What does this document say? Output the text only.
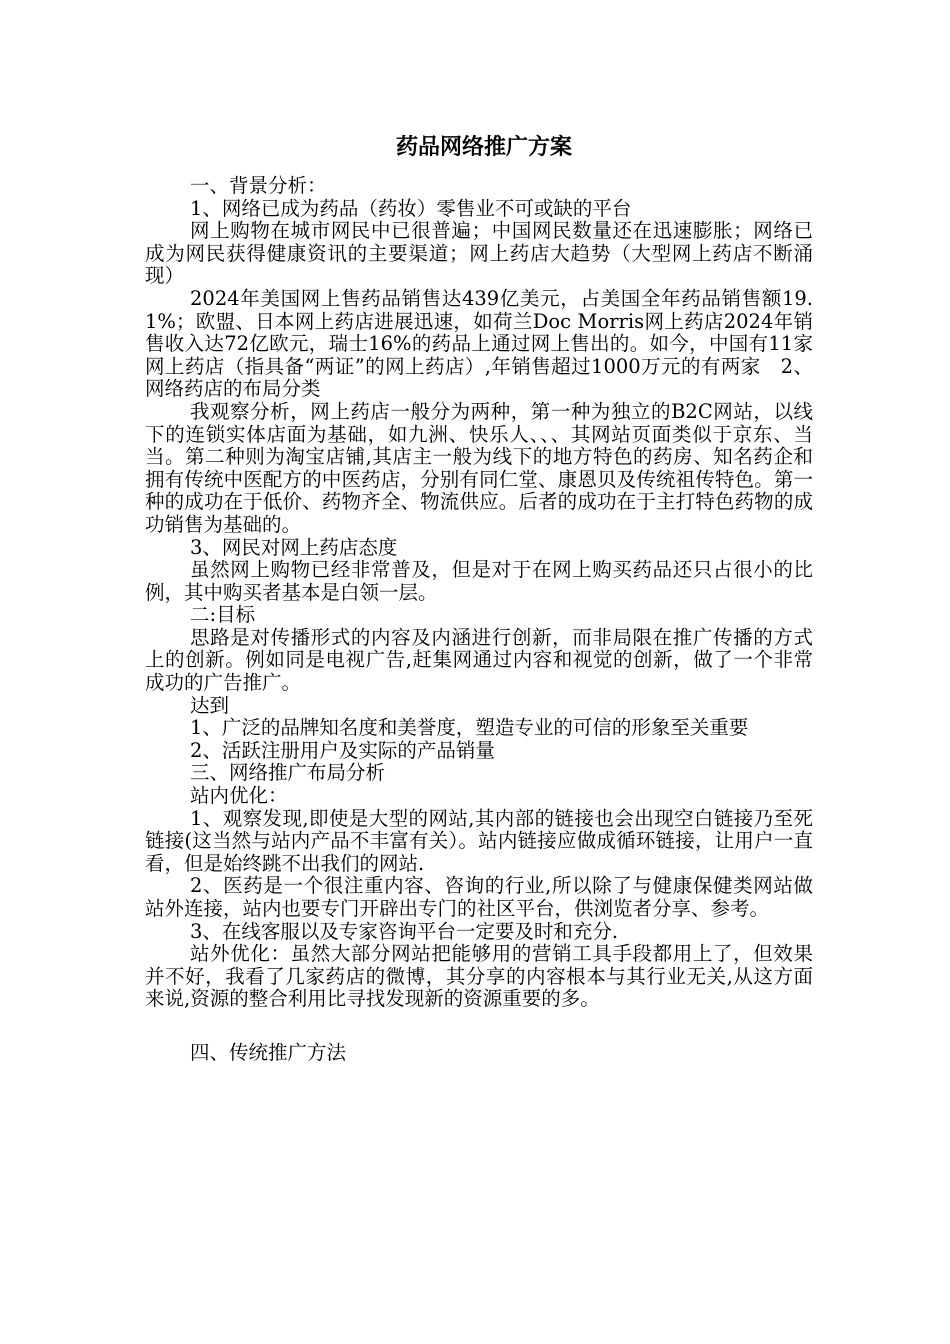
药品网络推广方案

一、背景分析：

1、网络已成为药品（药妆）零售业不可或缺的平台

网上购物在城市网民中已很普遍；中国网民数量还在迅速膨胀；网络已成为网民获得健康资讯的主要渠道；网上药店大趋势（大型网上药店不断涌现）

2024年美国网上售药品销售达439亿美元，占美国全年药品销售额19.1%；欧盟、日本网上药店进展迅速，如荷兰Doc Morris网上药店2024年销售收入达72亿欧元，瑞士16%的药品上通过网上售出的。如今，中国有11家网上药店（指具备“两证”的网上药店）,年销售超过1000万元的有两家　2、网络药店的布局分类

我观察分析，网上药店一般分为两种，第一种为独立的B2C网站，以线下的连锁实体店面为基础，如九洲、快乐人、、、其网站页面类似于京东、当当。第二种则为淘宝店铺,其店主一般为线下的地方特色的药房、知名药企和拥有传统中医配方的中医药店，分别有同仁堂、康恩贝及传统祖传特色。第一种的成功在于低价、药物齐全、物流供应。后者的成功在于主打特色药物的成功销售为基础的。

3、网民对网上药店态度

虽然网上购物已经非常普及，但是对于在网上购买药品还只占很小的比例，其中购买者基本是白领一层。

二:目标

思路是对传播形式的内容及内涵进行创新，而非局限在推广传播的方式上的创新。例如同是电视广告,赶集网通过内容和视觉的创新，做了一个非常成功的广告推广。

达到

1、广泛的品牌知名度和美誉度，塑造专业的可信的形象至关重要

2、活跃注册用户及实际的产品销量

三、网络推广布局分析

站内优化：

1、观察发现,即使是大型的网站,其内部的链接也会出现空白链接乃至死链接(这当然与站内产品不丰富有关）。站内链接应做成循环链接，让用户一直看，但是始终跳不出我们的网站.

2、医药是一个很注重内容、咨询的行业,所以除了与健康保健类网站做站外连接，站内也要专门开辟出专门的社区平台，供浏览者分享、参考。

3、在线客服以及专家咨询平台一定要及时和充分.

站外优化：虽然大部分网站把能够用的营销工具手段都用上了，但效果并不好，我看了几家药店的微博，其分享的内容根本与其行业无关,从这方面来说,资源的整合利用比寻找发现新的资源重要的多。

四、传统推广方法
